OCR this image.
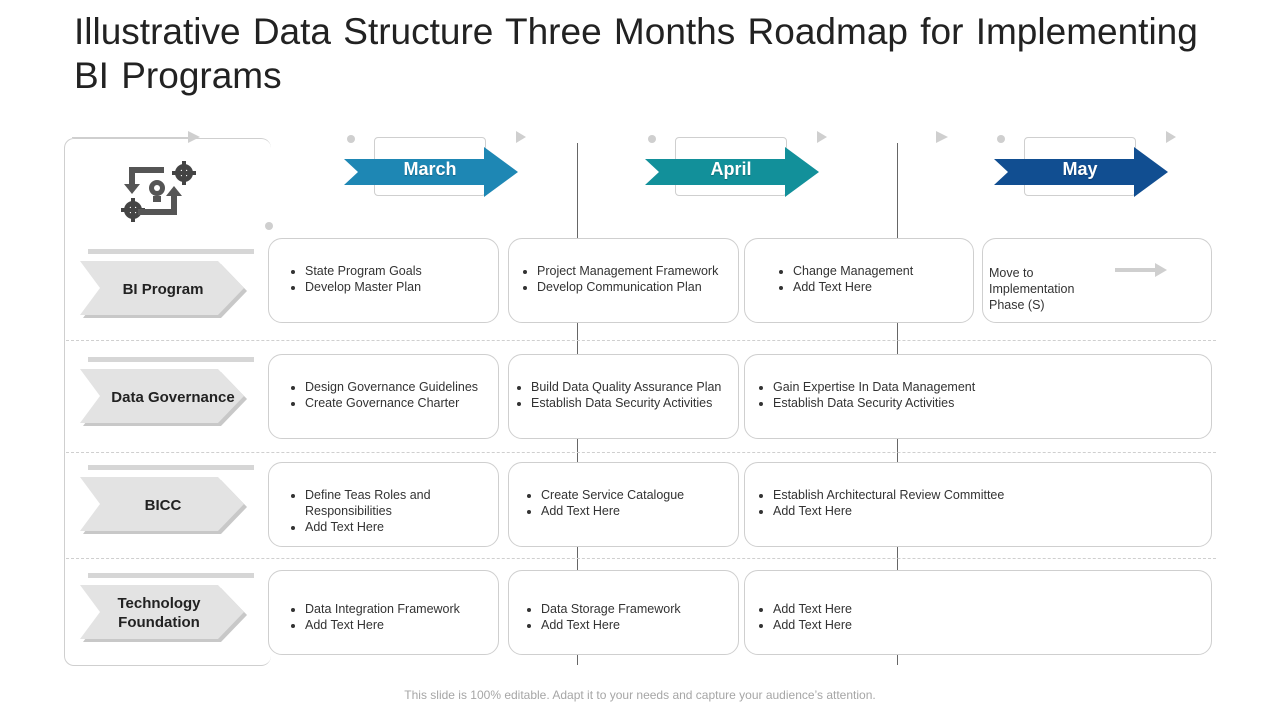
Illustrative Data Structure Three Months Roadmap for Implementing BI Programs
March	April	May
BI Program
Data Governance
BICC
Technology Foundation
• State Program Goals
• Develop Master Plan
• Project Management Framework
• Develop Communication Plan
• Change Management
• Add Text Here
Move to Implementation Phase (S)
• Design Governance Guidelines
• Create Governance Charter
• Build Data Quality Assurance Plan
• Establish Data Security Activities
• Gain Expertise In Data Management
• Establish Data Security Activities
• Define Teas Roles and Responsibilities
• Add Text Here
• Create Service Catalogue
• Add Text Here
• Establish Architectural Review Committee
• Add Text Here
• Data Integration Framework
• Add Text Here
• Data Storage Framework
• Add Text Here
• Add Text Here
• Add Text Here
This slide is 100% editable. Adapt it to your needs and capture your audience’s attention.
